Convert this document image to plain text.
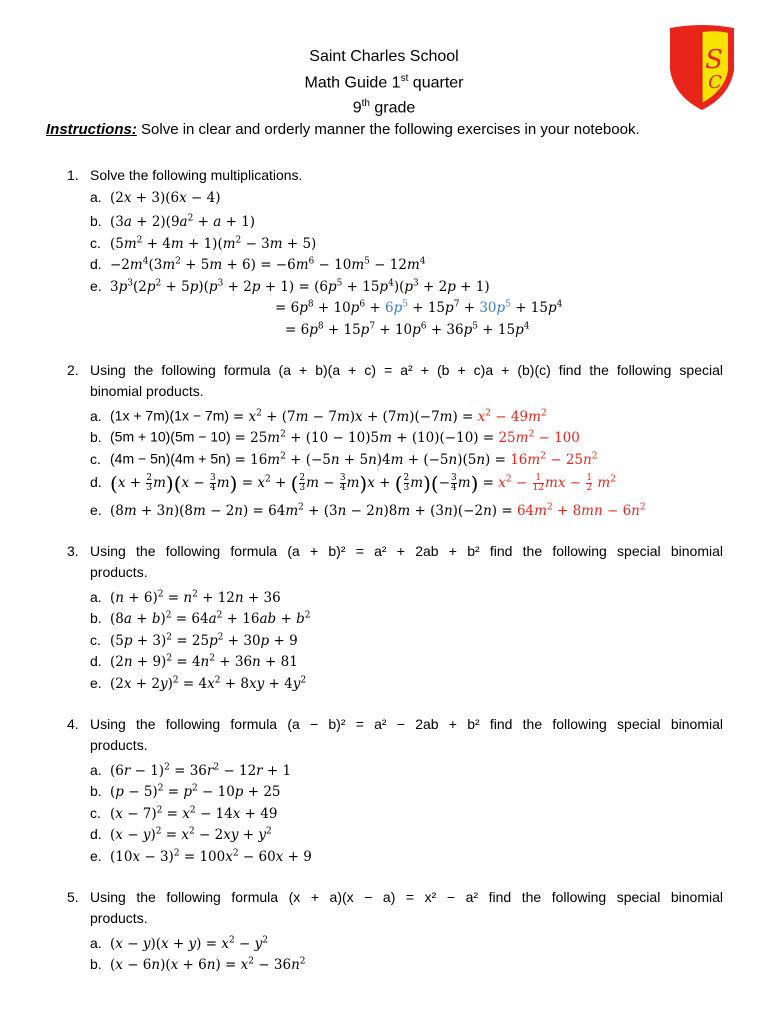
Saint Charles School
Math Guide 1st quarter
9th grade
S
C
Instructions: Solve in clear and orderly manner the following exercises in your notebook.
1. Solve the following multiplications.
a. (2x + 3)(6x − 4)
b. $(3a + 2)(9a^2 + a + 1)$
c. $(5m^2 + 4m + 1)(m^2 - 3m + 5)$
d. $-2m^4(3m^2 + 5m + 6) = -6m^6 - 10m^5 - 12m^4$
e. $3p^3(2p^2 + 5p)(p^3 + 2p + 1) = (6p^5 + 15p^4)(p^3 + 2p + 1)$
= $6p^8 + 10p^6 + 6p^5 + 15p^7 + 30p^5 + 15p^4$
= $6p^8 + 15p^7 + 10p^6 + 36p^5 + 15p^4$
2. Using the following formula (a + b)(a + c) = a² + (b + c)a + (b)(c) find the following special
binomial products.
a. $(1x + 7m)(1x - 7m) = x^2 + (7m - 7m)x + (7m)(-7m) = x^2 - 49m^2$
b. $(5m + 10)(5m - 10) = 25m^2 + (10 - 10)5m + (10)(-10) = 25m^2 - 100$
c. $(4m - 5n)(4m + 5n) = 16m^2 + (-5n + 5n)4m + (-5n)(5n) = 16m^2 - 25n^2$
d. $(x + \frac{2}{3} m)(x - \frac{3}{4} m) = x^2$ + ( $\frac{2}{3}$ $m - \frac{3}{4} m)x$ + ( $\frac{2}{3} m)(- \frac{3}{4} m) = x^2 - \frac{1}{12}$ mx − $\frac{1}{2} m^2$
e. $(8m + 3n)(8m - 2n) = 64m^2 + (3n - 2n)8m + (3n)(-2n) = 64m^2 + 8mn - 6n^2$
3. Using the following formula (a + b)² = a² + 2ab + b² find the following special binomial
products.
a. $(n + 6)^2 = n^2 + 12n + 36$
b. $(8a + b)^2 = 64a^2 + 16ab + b^2$
c. $(5p + 3)^2 = 25p^2 + 30p + 9$
d. $(2n + 9)^2 = 4n^2 + 36n + 81$
e. $(2x + 2y)^2 = 4x^2 + 8xy + 4y^2$
4. Using the following formula (a − b)² = a² − 2ab + b² find the following special binomial
products.
a. $(6r - 1)^2 = 36r^2 - 12r + 1$
b. $(p - 5)^2 = p^2 - 10p + 25$
c. $(x - 7)^2 = x^2 - 14x + 49$
d. $(x - y)^2 = x^2 - 2xy + y^2$
e. $(10x - 3)^2 = 100x^2 - 60x + 9$
5. Using the following formula (x + a)(x − a) = x² − a² find the following special binomial
products.
a. $(x - y)(x + y) = x^2 - y^2$
b. $(x - 6n)(x + 6n) = x^2 - 36n^2$
